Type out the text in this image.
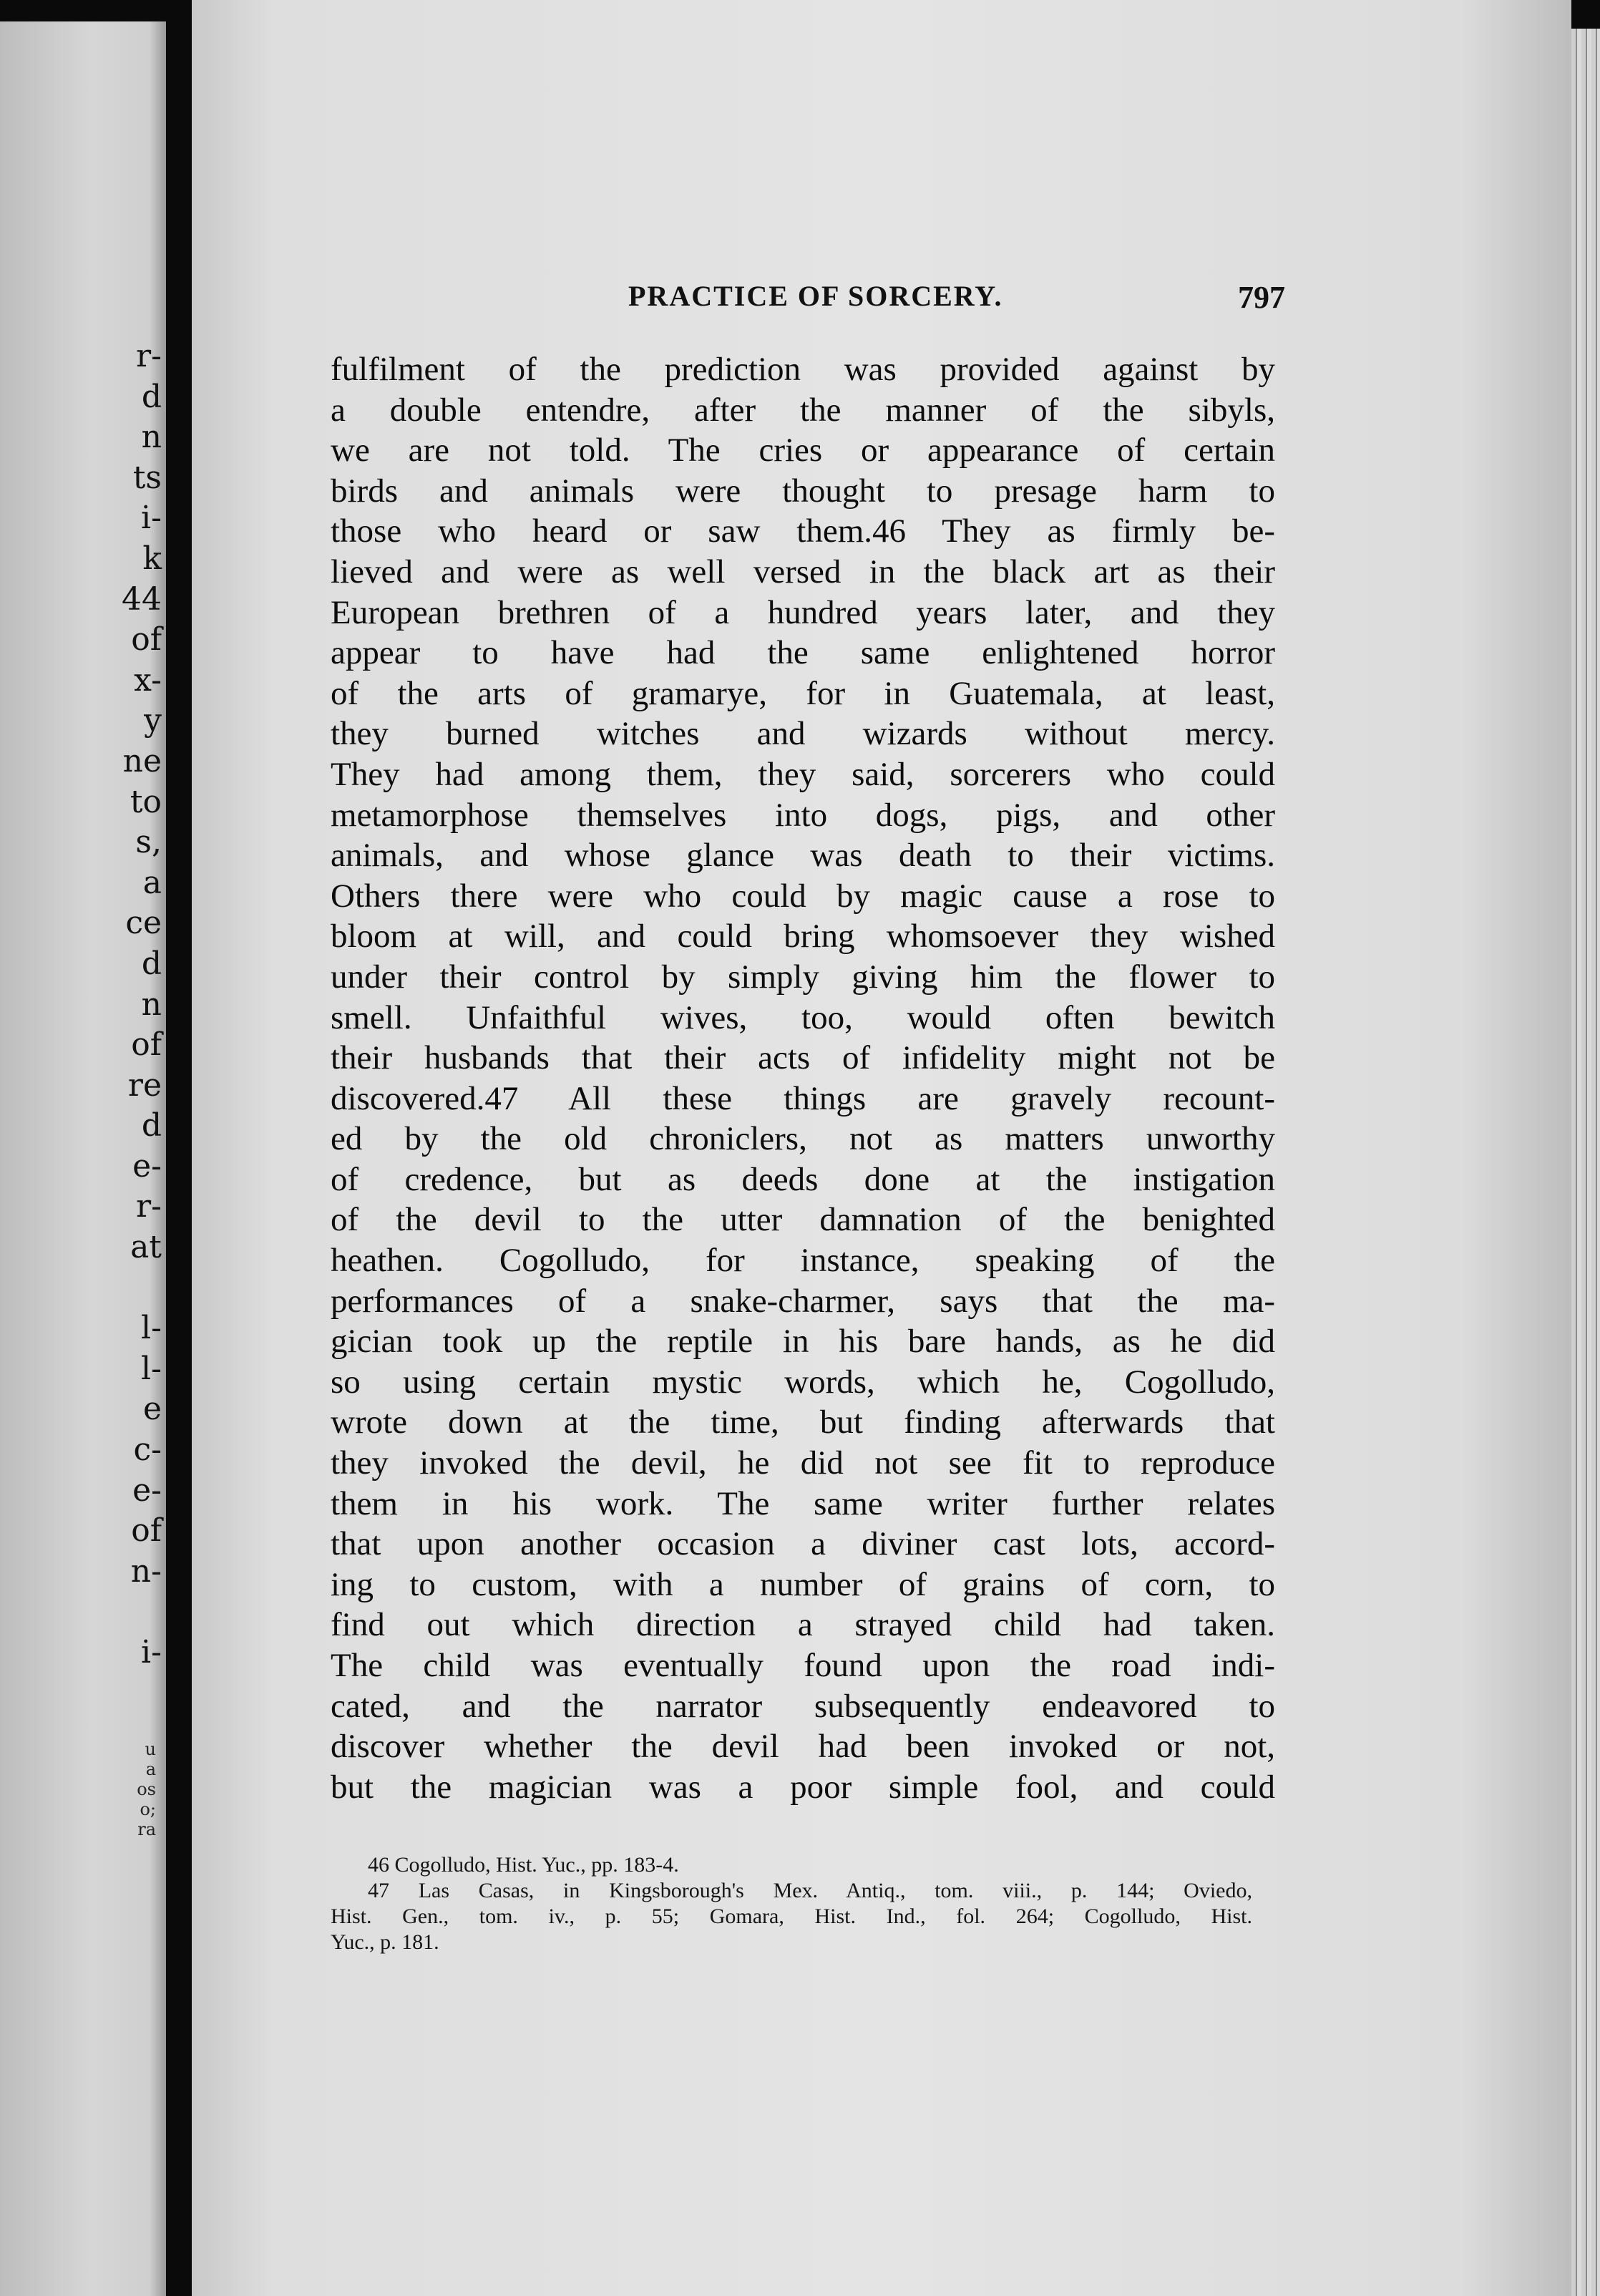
r-
d
n
ts
i-
k
44
of
x-
y
ne
to
s,
a
ce
d
n
of
re
d
e-
r-
at
l-
l-
e
c-
e-
of
n-
i-
u
a
os
o;
ra
PRACTICE OF SORCERY.	797
fulfilment of the prediction was provided against by
a double entendre, after the manner of the sibyls,
we are not told. The cries or appearance of certain
birds and animals were thought to presage harm to
those who heard or saw them.46 They as firmly be-
lieved and were as well versed in the black art as their
European brethren of a hundred years later, and they
appear to have had the same enlightened horror
of the arts of gramarye, for in Guatemala, at least,
they burned witches and wizards without mercy.
They had among them, they said, sorcerers who could
metamorphose themselves into dogs, pigs, and other
animals, and whose glance was death to their victims.
Others there were who could by magic cause a rose to
bloom at will, and could bring whomsoever they wished
under their control by simply giving him the flower to
smell. Unfaithful wives, too, would often bewitch
their husbands that their acts of infidelity might not be
discovered.47 All these things are gravely recount-
ed by the old chroniclers, not as matters unworthy
of credence, but as deeds done at the instigation
of the devil to the utter damnation of the benighted
heathen. Cogolludo, for instance, speaking of the
performances of a snake-charmer, says that the ma-
gician took up the reptile in his bare hands, as he did
so using certain mystic words, which he, Cogolludo,
wrote down at the time, but finding afterwards that
they invoked the devil, he did not see fit to reproduce
them in his work. The same writer further relates
that upon another occasion a diviner cast lots, accord-
ing to custom, with a number of grains of corn, to
find out which direction a strayed child had taken.
The child was eventually found upon the road indi-
cated, and the narrator subsequently endeavored to
discover whether the devil had been invoked or not,
but the magician was a poor simple fool, and could
46 Cogolludo, Hist. Yuc., pp. 183-4.
47 Las Casas, in Kingsborough's Mex. Antiq., tom. viii., p. 144; Oviedo,
Hist. Gen., tom. iv., p. 55; Gomara, Hist. Ind., fol. 264; Cogolludo, Hist.
Yuc., p. 181.
